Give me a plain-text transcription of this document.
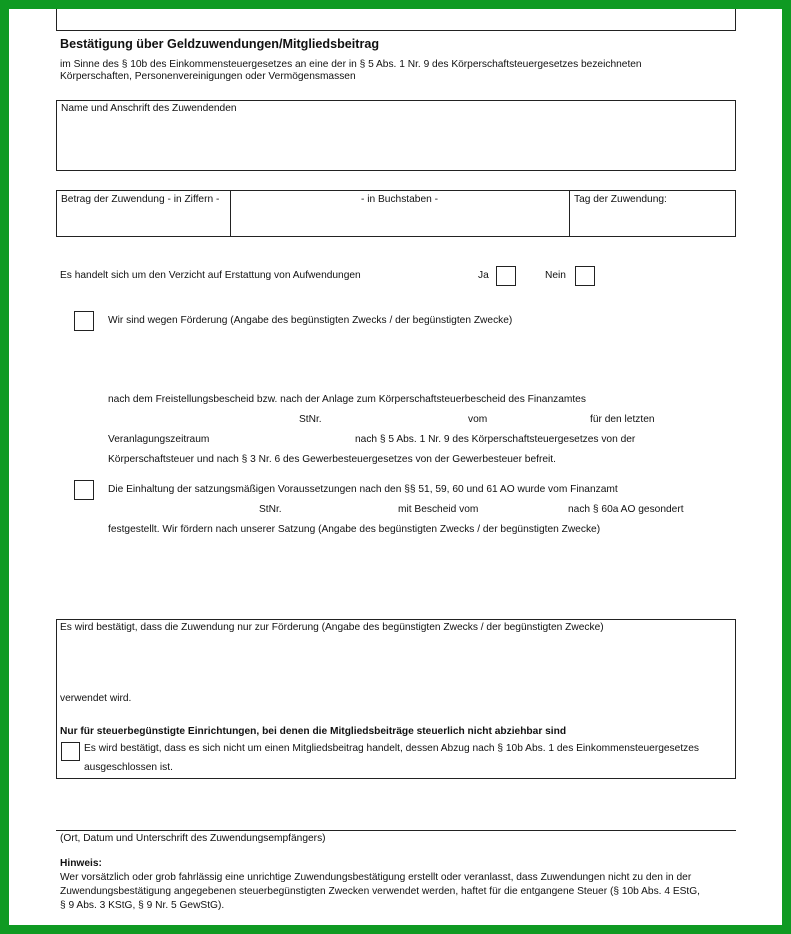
Bestätigung über Geldzuwendungen/Mitgliedsbeitrag
im Sinne des § 10b des Einkommensteuergesetzes an eine der in § 5 Abs. 1 Nr. 9 des Körperschaftsteuergesetzes bezeichneten
Körperschaften, Personenvereinigungen oder Vermögensmassen
Name und Anschrift des Zuwendenden
Betrag der Zuwendung - in Ziffern -	- in Buchstaben -	Tag der Zuwendung:
Es handelt sich um den Verzicht auf Erstattung von Aufwendungen	Ja	Nein
Wir sind wegen Förderung (Angabe des begünstigten Zwecks / der begünstigten Zwecke)
nach dem Freistellungsbescheid bzw. nach der Anlage zum Körperschaftsteuerbescheid des Finanzamtes
StNr.	vom	für den letzten
Veranlagungszeitraum	nach § 5 Abs. 1 Nr. 9 des Körperschaftsteuergesetzes von der
Körperschaftsteuer und nach § 3 Nr. 6 des Gewerbesteuergesetzes von der Gewerbesteuer befreit.
Die Einhaltung der satzungsmäßigen Voraussetzungen nach den §§ 51, 59, 60 und 61 AO wurde vom Finanzamt
StNr.	mit Bescheid vom	nach § 60a AO gesondert
festgestellt. Wir fördern nach unserer Satzung (Angabe des begünstigten Zwecks / der begünstigten Zwecke)
Es wird bestätigt, dass die Zuwendung nur zur Förderung (Angabe des begünstigten Zwecks / der begünstigten Zwecke)
verwendet wird.
Nur für steuerbegünstigte Einrichtungen, bei denen die Mitgliedsbeiträge steuerlich nicht abziehbar sind
Es wird bestätigt, dass es sich nicht um einen Mitgliedsbeitrag handelt, dessen Abzug nach § 10b Abs. 1 des Einkommensteuergesetzes
ausgeschlossen ist.
(Ort, Datum und Unterschrift des Zuwendungsempfängers)
Hinweis:
Wer vorsätzlich oder grob fahrlässig eine unrichtige Zuwendungsbestätigung erstellt oder veranlasst, dass Zuwendungen nicht zu den in der
Zuwendungsbestätigung angegebenen steuerbegünstigten Zwecken verwendet werden, haftet für die entgangene Steuer (§ 10b Abs. 4 EStG,
§ 9 Abs. 3 KStG, § 9 Nr. 5 GewStG).
